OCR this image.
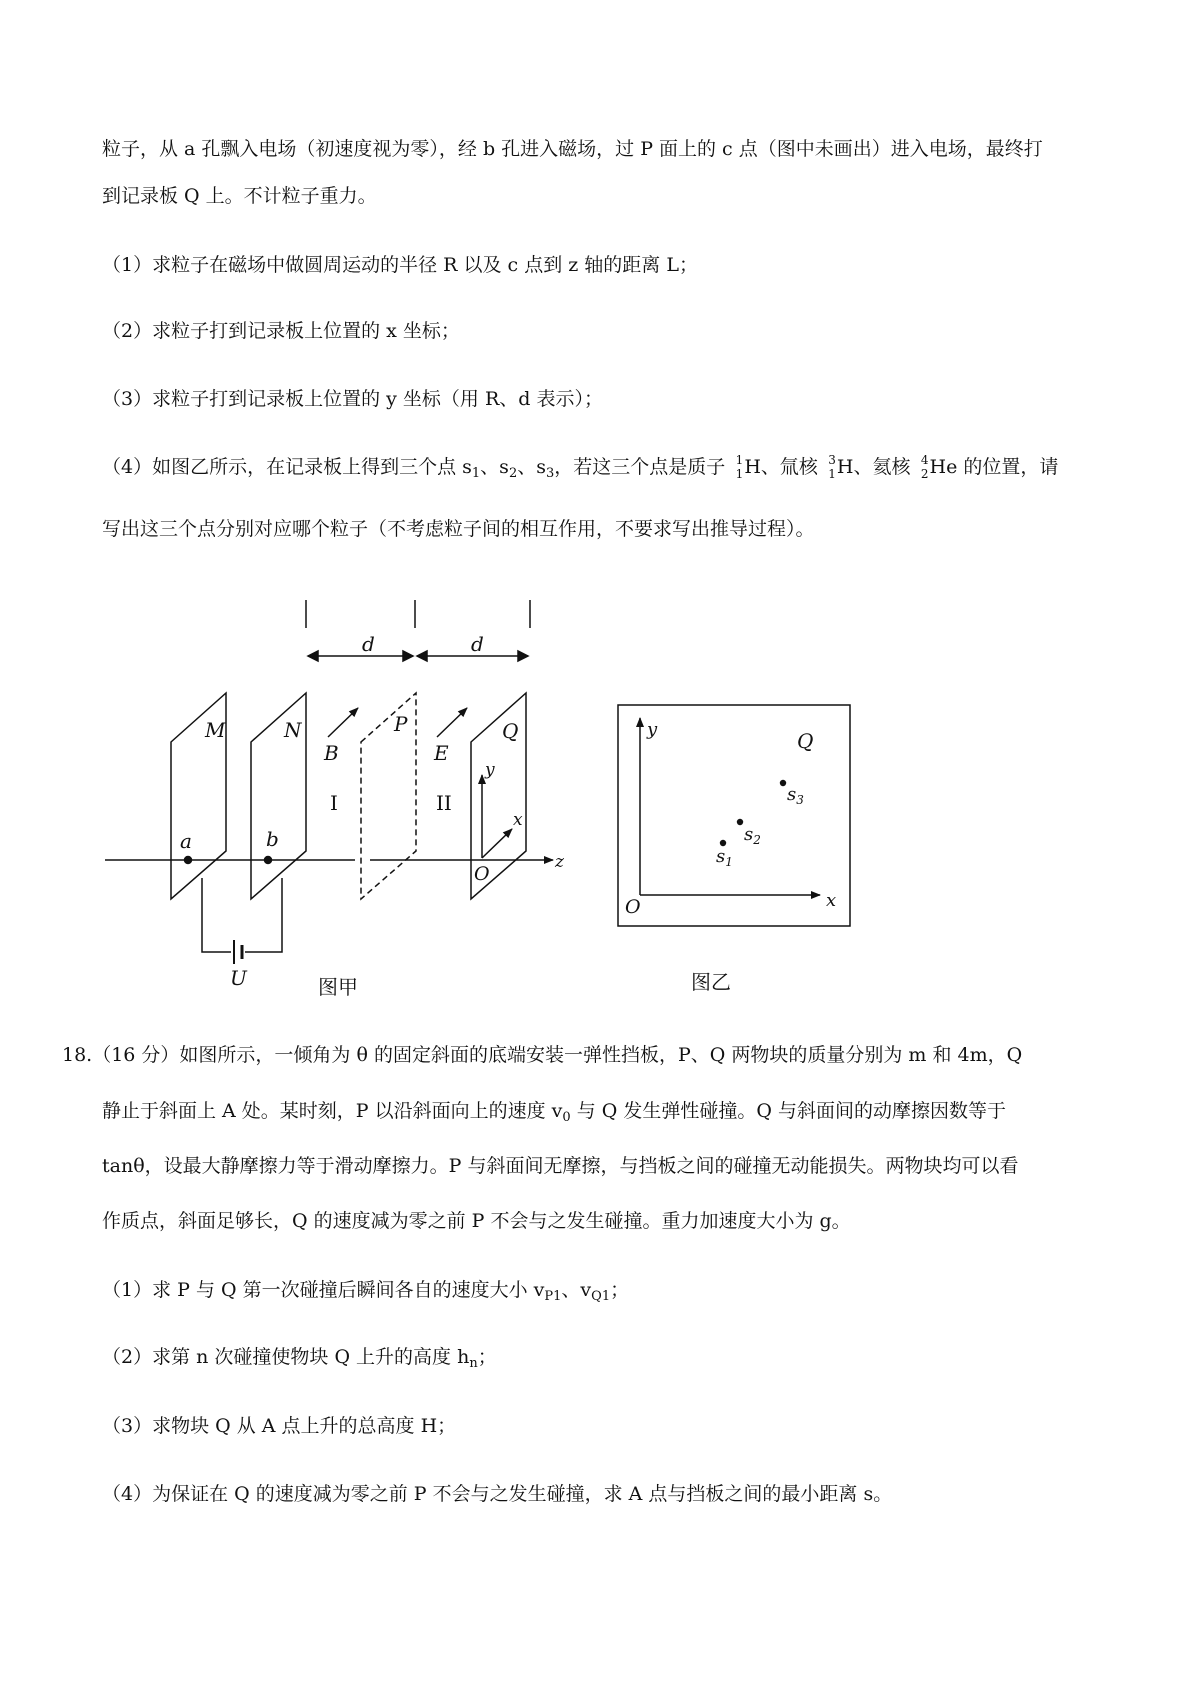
粒子，从 a 孔飘入电场（初速度视为零），经 b 孔进入磁场，过 P 面上的 c 点（图中未画出）进入电场，最终打
到记录板 Q 上。不计粒子重力。
（1）求粒子在磁场中做圆周运动的半径 R 以及 c 点到 z 轴的距离 L；
（2）求粒子打到记录板上位置的 x 坐标；
（3）求粒子打到记录板上位置的 y 坐标（用 R、d 表示）；
（4）如图乙所示，在记录板上得到三个点 $s_1$、$s_2$、$s_3$，若这三个点是质子 1
1 H、氚核 3
1 H、氦核 4
2 He 的位置，请
写出这三个点分别对应哪个粒子（不考虑粒子间的相互作用，不要求写出推导过程）。
d	d
M	N	P	Q
B	E
I	II
a	b
y
x
z
O
U
y
x
O
Q
$s_1$
$s_2$
$s_3$
图甲	图乙
18.（16 分）如图所示，一倾角为 θ 的固定斜面的底端安装一弹性挡板，P、Q 两物块的质量分别为 m 和 4m，Q
静止于斜面上 A 处。某时刻，P 以沿斜面向上的速度 $v_0$ 与 Q 发生弹性碰撞。Q 与斜面间的动摩擦因数等于
tanθ，设最大静摩擦力等于滑动摩擦力。P 与斜面间无摩擦，与挡板之间的碰撞无动能损失。两物块均可以看
作质点，斜面足够长，Q 的速度减为零之前 P 不会与之发生碰撞。重力加速度大小为 g。
（1）求 P 与 Q 第一次碰撞后瞬间各自的速度大小 $v_{P1}$、$v_{Q1}$；
（2）求第 n 次碰撞使物块 Q 上升的高度 $h_n$；
（3）求物块 Q 从 A 点上升的总高度 H；
（4）为保证在 Q 的速度减为零之前 P 不会与之发生碰撞，求 A 点与挡板之间的最小距离 s。
